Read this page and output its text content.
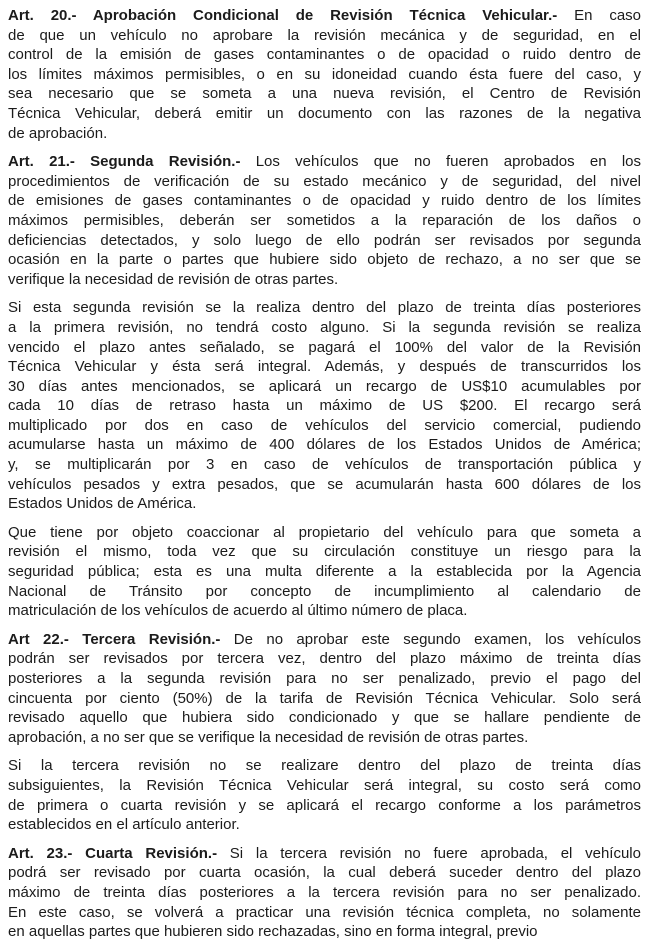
Art. 20.- Aprobación Condicional de Revisión Técnica Vehicular.- En caso
de que un vehículo no aprobare la revisión mecánica y de seguridad, en el
control de la emisión de gases contaminantes o de opacidad o ruido dentro de
los límites máximos permisibles, o en su idoneidad cuando ésta fuere del caso, y
sea necesario que se someta a una nueva revisión, el Centro de Revisión
Técnica Vehicular, deberá emitir un documento con las razones de la negativa
de aprobación.
Art. 21.- Segunda Revisión.- Los vehículos que no fueren aprobados en los
procedimientos de verificación de su estado mecánico y de seguridad, del nivel
de emisiones de gases contaminantes o de opacidad y ruido dentro de los límites
máximos permisibles, deberán ser sometidos a la reparación de los daños o
deficiencias detectados, y solo luego de ello podrán ser revisados por segunda
ocasión en la parte o partes que hubiere sido objeto de rechazo, a no ser que se
verifique la necesidad de revisión de otras partes.
Si esta segunda revisión se la realiza dentro del plazo de treinta días posteriores
a la primera revisión, no tendrá costo alguno. Si la segunda revisión se realiza
vencido el plazo antes señalado, se pagará el 100% del valor de la Revisión
Técnica Vehicular y ésta será integral. Además, y después de transcurridos los
30 días antes mencionados, se aplicará un recargo de US$10 acumulables por
cada 10 días de retraso hasta un máximo de US $200. El recargo será
multiplicado por dos en caso de vehículos del servicio comercial, pudiendo
acumularse hasta un máximo de 400 dólares de los Estados Unidos de América;
y, se multiplicarán por 3 en caso de vehículos de transportación pública y
vehículos pesados y extra pesados, que se acumularán hasta 600 dólares de los
Estados Unidos de América.
Que tiene por objeto coaccionar al propietario del vehículo para que someta a
revisión el mismo, toda vez que su circulación constituye un riesgo para la
seguridad pública; esta es una multa diferente a la establecida por la Agencia
Nacional de Tránsito por concepto de incumplimiento al calendario de
matriculación de los vehículos de acuerdo al último número de placa.
Art 22.- Tercera Revisión.- De no aprobar este segundo examen, los vehículos
podrán ser revisados por tercera vez, dentro del plazo máximo de treinta días
posteriores a la segunda revisión para no ser penalizado, previo el pago del
cincuenta por ciento (50%) de la tarifa de Revisión Técnica Vehicular. Solo será
revisado aquello que hubiera sido condicionado y que se hallare pendiente de
aprobación, a no ser que se verifique la necesidad de revisión de otras partes.
Si la tercera revisión no se realizare dentro del plazo de treinta días
subsiguientes, la Revisión Técnica Vehicular será integral, su costo será como
de primera o cuarta revisión y se aplicará el recargo conforme a los parámetros
establecidos en el artículo anterior.
Art. 23.- Cuarta Revisión.- Si la tercera revisión no fuere aprobada, el vehículo
podrá ser revisado por cuarta ocasión, la cual deberá suceder dentro del plazo
máximo de treinta días posteriores a la tercera revisión para no ser penalizado.
En este caso, se volverá a practicar una revisión técnica completa, no solamente
en aquellas partes que hubieren sido rechazadas, sino en forma integral, previo
